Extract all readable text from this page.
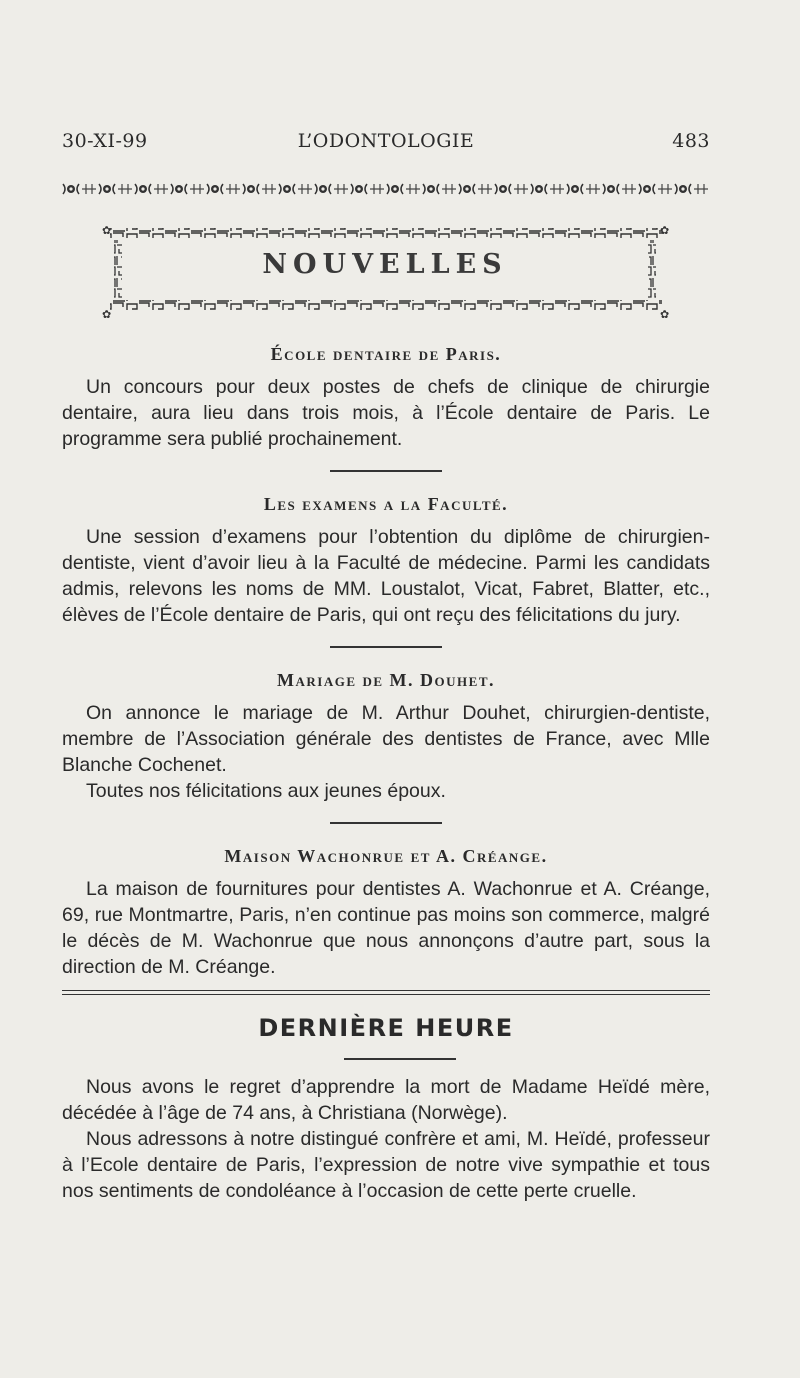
30-XI-99	L’ODONTOLOGIE	483
✿	✿
✿	✿
NOUVELLES
École dentaire de Paris.

Un concours pour deux postes de chefs de clinique de chirurgie dentaire, aura lieu dans trois mois, à l’École dentaire de Paris. Le programme sera publié prochainement.

Les examens a la Faculté.

Une session d’examens pour l’obtention du diplôme de chirurgien-dentiste, vient d’avoir lieu à la Faculté de médecine. Parmi les candidats admis, relevons les noms de MM. Loustalot, Vicat, Fabret, Blatter, etc., élèves de l’École dentaire de Paris, qui ont reçu des félicitations du jury.

Mariage de M. Douhet.

On annonce le mariage de M. Arthur Douhet, chirurgien-dentiste, membre de l’Association générale des dentistes de France, avec Mlle Blanche Cochenet.

Toutes nos félicitations aux jeunes époux.

Maison Wachonrue et A. Créange.

La maison de fournitures pour dentistes A. Wachonrue et A. Créange, 69, rue Montmartre, Paris, n’en continue pas moins son commerce, malgré le décès de M. Wachonrue que nous annonçons d’autre part, sous la direction de M. Créange.

DERNIÈRE HEURE

Nous avons le regret d’apprendre la mort de Madame Heïdé mère, décédée à l’âge de 74 ans, à Christiana (Norwège).

Nous adressons à notre distingué confrère et ami, M. Heïdé, professeur à l’Ecole dentaire de Paris, l’expression de notre vive sympathie et tous nos sentiments de condoléance à l’occasion de cette perte cruelle.
